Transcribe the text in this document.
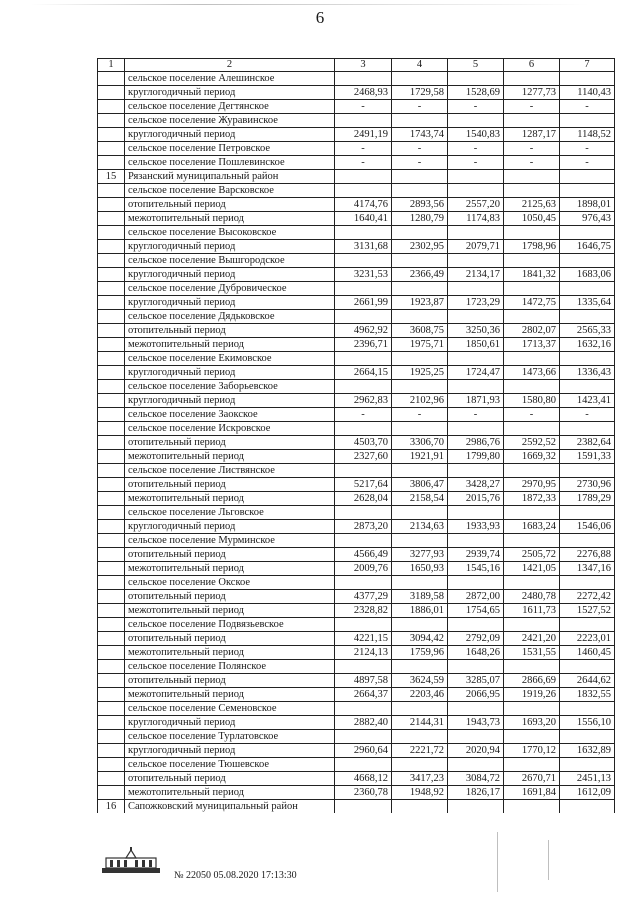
6
1	2	3	4	5	6	7
	сельское поселение Алешинское					
	круглогодичный период	2468,93	1729,58	1528,69	1277,73	1140,43
	сельское поселение Дегтянское	-	-	-	-	-
	сельское поселение Журавинское					
	круглогодичный период	2491,19	1743,74	1540,83	1287,17	1148,52
	сельское поселение Петровское	-	-	-	-	-
	сельское поселение Пошлевинское	-	-	-	-	-
15	Рязанский муниципальный район					
	сельское поселение Варсковское					
	отопительный период	4174,76	2893,56	2557,20	2125,63	1898,01
	межотопительный период	1640,41	1280,79	1174,83	1050,45	976,43
	сельское поселение Высоковское					
	круглогодичный период	3131,68	2302,95	2079,71	1798,96	1646,75
	сельское поселение Вышгородское					
	круглогодичный период	3231,53	2366,49	2134,17	1841,32	1683,06
	сельское поселение Дубровическое					
	круглогодичный период	2661,99	1923,87	1723,29	1472,75	1335,64
	сельское поселение Дядьковское					
	отопительный период	4962,92	3608,75	3250,36	2802,07	2565,33
	межотопительный период	2396,71	1975,71	1850,61	1713,37	1632,16
	сельское поселение Екимовское					
	круглогодичный период	2664,15	1925,25	1724,47	1473,66	1336,43
	сельское поселение Заборьевское					
	круглогодичный период	2962,83	2102,96	1871,93	1580,80	1423,41
	сельское поселение Заокское	-	-	-	-	-
	сельское поселение Искровское					
	отопительный период	4503,70	3306,70	2986,76	2592,52	2382,64
	межотопительный период	2327,60	1921,91	1799,80	1669,32	1591,33
	сельское поселение Листвянское					
	отопительный период	5217,64	3806,47	3428,27	2970,95	2730,96
	межотопительный период	2628,04	2158,54	2015,76	1872,33	1789,29
	сельское поселение Льговское					
	круглогодичный период	2873,20	2134,63	1933,93	1683,24	1546,06
	сельское поселение Мурминское					
	отопительный период	4566,49	3277,93	2939,74	2505,72	2276,88
	межотопительный период	2009,76	1650,93	1545,16	1421,05	1347,16
	сельское поселение Окское					
	отопительный период	4377,29	3189,58	2872,00	2480,78	2272,42
	межотопительный период	2328,82	1886,01	1754,65	1611,73	1527,52
	сельское поселение Подвязьевское					
	отопительный период	4221,15	3094,42	2792,09	2421,20	2223,01
	межотопительный период	2124,13	1759,96	1648,26	1531,55	1460,45
	сельское поселение Полянское					
	отопительный период	4897,58	3624,59	3285,07	2866,69	2644,62
	межотопительный период	2664,37	2203,46	2066,95	1919,26	1832,55
	сельское поселение Семеновское					
	круглогодичный период	2882,40	2144,31	1943,73	1693,20	1556,10
	сельское поселение Турлатовское					
	круглогодичный период	2960,64	2221,72	2020,94	1770,12	1632,89
	сельское поселение Тюшевское					
	отопительный период	4668,12	3417,23	3084,72	2670,71	2451,13
	межотопительный период	2360,78	1948,92	1826,17	1691,84	1612,09
16	Сапожковский муниципальный район					
№ 22050 05.08.2020 17:13:30
